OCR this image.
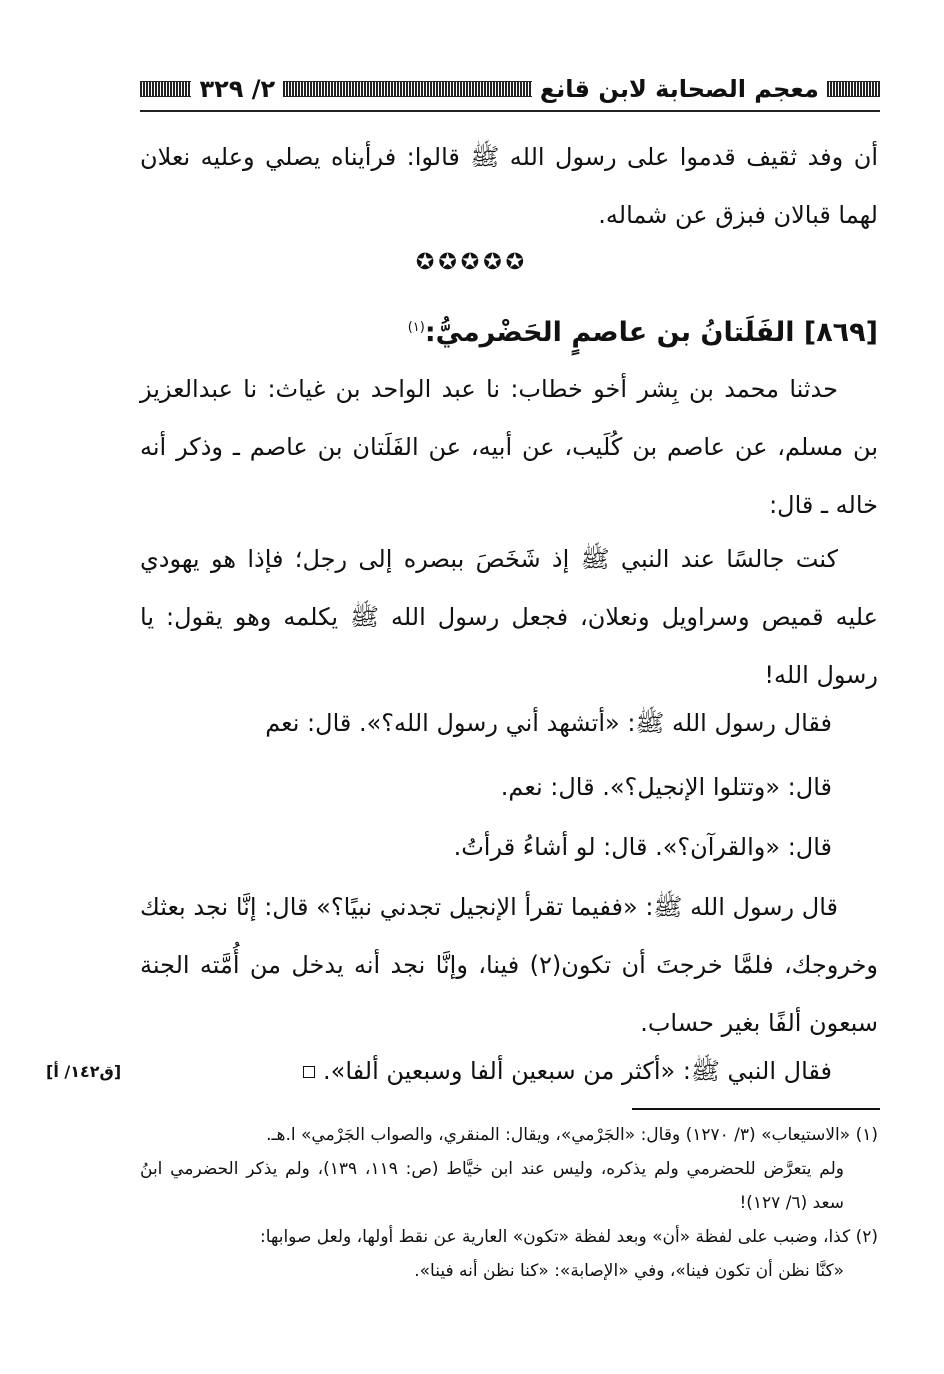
معجم الصحابة لابن قانع
٢/ ٣٢٩
أن وفد ثقيف قدموا على رسول الله ﷺ قالوا: فرأيناه يصلي وعليه نعلان لهما قبالان فبزق عن شماله.
✪✪✪✪✪
[٨٦٩] الفَلَتانُ بن عاصمٍ الحَضْرميُّ:$^{(١)}$
حدثنا محمد بن بِشر أخو خطاب: نا عبد الواحد بن غياث: نا عبدالعزيز بن مسلم، عن عاصم بن كُلَيب، عن أبيه، عن الفَلَتان بن عاصم ـ وذكر أنه خاله ـ قال:
كنت جالسًا عند النبي ﷺ إذ شَخَصَ ببصره إلى رجل؛ فإذا هو يهودي عليه قميص وسراويل ونعلان، فجعل رسول الله ﷺ يكلمه وهو يقول: يا رسول الله!
فقال رسول الله ﷺ: «أتشهد أني رسول الله؟». قال: نعم
قال: «وتتلوا الإنجيل؟». قال: نعم.
قال: «والقرآن؟». قال: لو أشاءُ قرأتُ.
قال رسول الله ﷺ: «ففيما تقرأ الإنجيل تجدني نبيًا؟» قال: إنَّا نجد بعثك وخروجك، فلمَّا خرجتَ أن تكون(٢) فينا، وإنَّا نجد أنه يدخل من أُمَّته الجنة سبعون ألفًا بغير حساب.
فقال النبي ﷺ: «أكثر من سبعين ألفا وسبعين ألفا».
[ق١٤٢/ أ]

(١) «الاستيعاب» (٣/ ١٢٧٠) وقال: «الجَرْمي»، ويقال: المنقري، والصواب الجَرْمي» ا.هـ.
ولم يتعرَّض للحضرمي ولم يذكره، وليس عند ابن خيَّاط (ص: ١١٩، ١٣٩)، ولم يذكر الحضرمي ابنُ سعد (٦/ ١٢٧)!

(٢) كذا، وضبب على لفظة «أن» وبعد لفظة «تكون» العارية عن نقط أولها، ولعل صوابها:
«كنَّا نظن أن تكون فينا»، وفي «الإصابة»: «كنا نظن أنه فينا».
